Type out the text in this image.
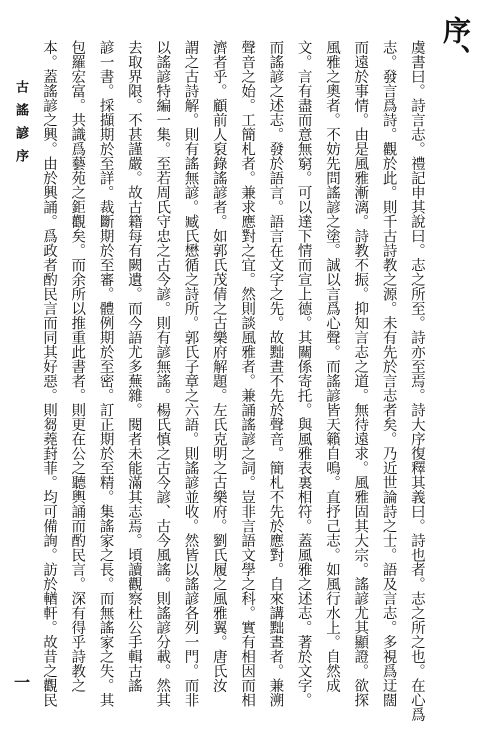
序、
虞書曰。詩言志。禮記申其說曰。志之所至。詩亦至焉。詩大序復釋其義曰。詩也者。志之所之也。在心爲
志。發言爲詩。觀於此。則千古詩教之源。未有先於言志者矣。乃近世論詩之士。語及言志。多視爲迂闊
而遠於事情。由是風雅漸漓。詩教不振。抑知言志之道。無待遠求。風雅固其大宗。謠諺尤其顯證。欲探
風雅之奧者。不妨先問謠諺之塗。誠以言爲心聲。而謠諺皆天籟自鳴。直抒己志。如風行水上。自然成
文。言有盡而意無窮。可以達下情而宣上德。其關係寄托。與風雅表裏相符。蓋風雅之述志。著於文字。
而謠諺之述志。發於語言。語言在文字之先。故黜晝不先於聲音。簡札不先於應對。自來講黜晝者。兼溯
聲音之始。工簡札者。兼求應對之宜。然則談風雅者。兼誦謠諺之詞。豈非言語文學之科。實有相因而相
濟者乎。顧前人裒錄謠諺者。如郭氏茂倩之古樂府解題。左氏克明之古樂府。劉氏履之風雅翼。唐氏汝
謂之古詩解。則有謠無諺。臧氏懋循之詩所。郭氏子章之六語。則謠諺並收。然皆以謠諺各列一門。而非
以謠諺特編一集。至若周氏守忠之古今諺。則有諺無謠。楊氏慎之古今諺、古今風謠。則謠諺分載。然其
去取界限。不甚謹嚴。故古籍每有闕遺。而今語尤多蕪雜。閱者未能滿其志焉。頃讀觀察杜公手輯古謠
諺一書。採擷期於至詳。裁斷期於至審。體例期於至密。訂正期於至精。集謠家之長。而無謠家之失。其
包羅宏富。共識爲藝苑之鉅觀矣。而余所以推重此書者。則更在公之聽輿誦而酌民言。深有得乎詩教之
本。蓋謠諺之興。由於興誦。爲政者酌民言而同其好惡。則芻蕘葑菲。均可備詢。訪於輶軒。故昔之觀民
古謠諺序
一
